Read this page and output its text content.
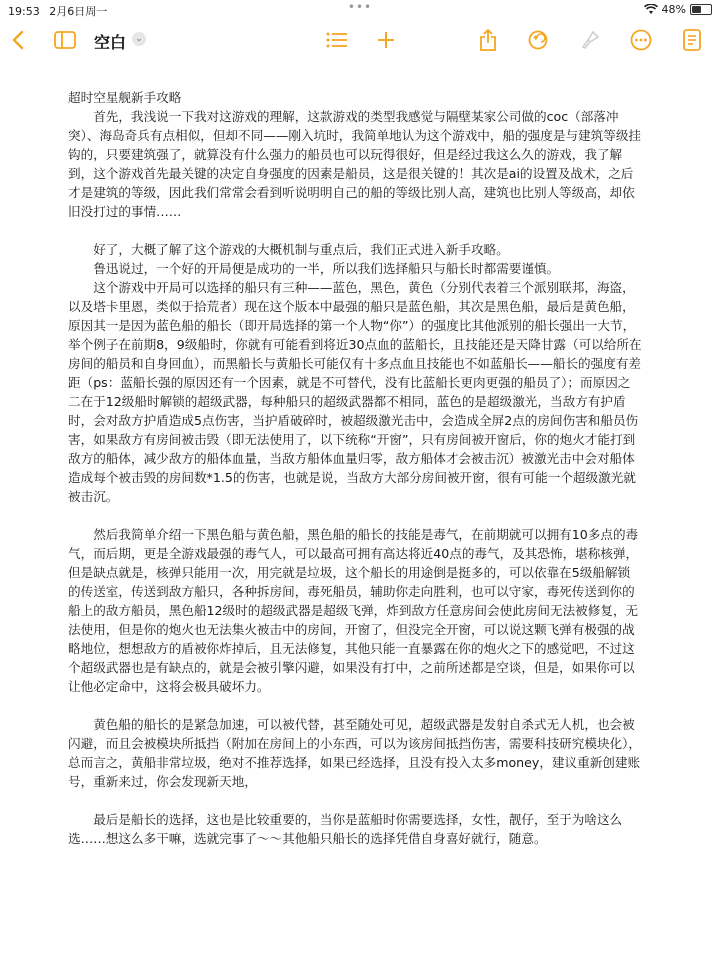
19:53 2月6日周一	•••	48%
空白	⌄

超时空星舰新手攻略

首先，我浅说一下我对这游戏的理解，这款游戏的类型我感觉与隔壁某家公司做的coc（部落冲突）、海岛奇兵有点相似，但却不同——刚入坑时，我简单地认为这个游戏中，船的强度是与建筑等级挂钩的，只要建筑强了，就算没有什么强力的船员也可以玩得很好，但是经过我这么久的游戏，我了解到，这个游戏首先最关键的决定自身强度的因素是船员，这是很关键的！其次是ai的设置及战术，之后才是建筑的等级，因此我们常常会看到听说明明自己的船的等级比别人高，建筑也比别人等级高，却依旧没打过的事情……

好了，大概了解了这个游戏的大概机制与重点后，我们正式进入新手攻略。

鲁迅说过，一个好的开局便是成功的一半，所以我们选择船只与船长时都需要谨慎。

这个游戏中开局可以选择的船只有三种——蓝色，黑色，黄色（分别代表着三个派别联邦，海盗，以及塔卡里恩，类似于拾荒者）现在这个版本中最强的船只是蓝色船，其次是黑色船，最后是黄色船，原因其一是因为蓝色船的船长（即开局选择的第一个人物“你”）的强度比其他派别的船长强出一大节，举个例子在前期8，9级船时，你就有可能看到将近30点血的蓝船长，且技能还是天降甘露（可以给所在房间的船员和自身回血），而黑船长与黄船长可能仅有十多点血且技能也不如蓝船长——船长的强度有差距（ps：蓝船长强的原因还有一个因素，就是不可替代，没有比蓝船长更肉更强的船员了）；而原因之二在于12级船时解锁的超级武器，每种船只的超级武器都不相同，蓝色的是超级激光，当敌方有护盾时，会对敌方护盾造成5点伤害，当护盾破碎时，被超级激光击中，会造成全屏2点的房间伤害和船员伤害，如果敌方有房间被击毁（即无法使用了，以下统称“开窗”，只有房间被开窗后，你的炮火才能打到敌方的船体，减少敌方的船体血量，当敌方船体血量归零，敌方船体才会被击沉）被激光击中会对船体造成每个被击毁的房间数*1.5的伤害，也就是说，当敌方大部分房间被开窗，很有可能一个超级激光就被击沉。

然后我简单介绍一下黑色船与黄色船，黑色船的船长的技能是毒气，在前期就可以拥有10多点的毒气，而后期，更是全游戏最强的毒气人，可以最高可拥有高达将近40点的毒气，及其恐怖，堪称核弹，但是缺点就是，核弹只能用一次，用完就是垃圾，这个船长的用途倒是挺多的，可以依靠在5级船解锁的传送室，传送到敌方船只，各种拆房间，毒死船员，辅助你走向胜利，也可以守家，毒死传送到你的船上的敌方船员，黑色船12级时的超级武器是超级飞弹，炸到敌方任意房间会使此房间无法被修复，无法使用，但是你的炮火也无法集火被击中的房间，开窗了，但没完全开窗，可以说这颗飞弹有极强的战略地位，想想敌方的盾被你炸掉后，且无法修复，其他只能一直暴露在你的炮火之下的感觉吧，不过这个超级武器也是有缺点的，就是会被引擎闪避，如果没有打中，之前所述都是空谈，但是，如果你可以让他必定命中，这将会极具破坏力。

黄色船的船长的是紧急加速，可以被代替，甚至随处可见，超级武器是发射自杀式无人机，也会被闪避，而且会被模块所抵挡（附加在房间上的小东西，可以为该房间抵挡伤害，需要科技研究模块化），总而言之，黄船非常垃圾，绝对不推荐选择，如果已经选择，且没有投入太多money，建议重新创建账号，重新来过，你会发现新天地，

最后是船长的选择，这也是比较重要的，当你是蓝船时你需要选择，女性，靓仔，至于为啥这么选……想这么多干嘛，选就完事了～～其他船只船长的选择凭借自身喜好就行，随意。
